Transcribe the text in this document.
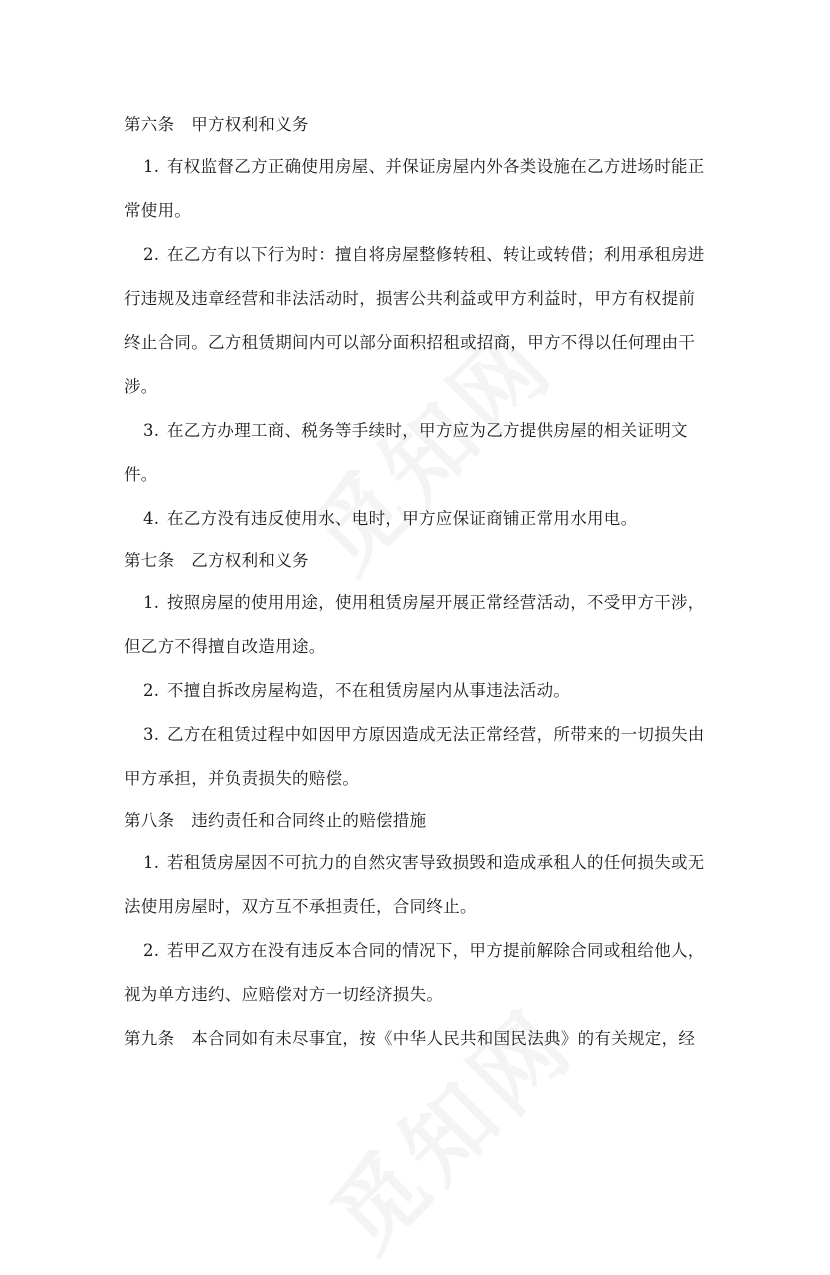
第六条　甲方权利和义务
1. 有权监督乙方正确使用房屋、并保证房屋内外各类设施在乙方进场时能正
常使用。
2. 在乙方有以下行为时：擅自将房屋整修转租、转让或转借；利用承租房进
行违规及违章经营和非法活动时，损害公共利益或甲方利益时，甲方有权提前
终止合同。乙方租赁期间内可以部分面积招租或招商，甲方不得以任何理由干
涉。
3. 在乙方办理工商、税务等手续时，甲方应为乙方提供房屋的相关证明文
件。
4. 在乙方没有违反使用水、电时，甲方应保证商铺正常用水用电。
第七条　乙方权利和义务
1. 按照房屋的使用用途，使用租赁房屋开展正常经营活动，不受甲方干涉，
但乙方不得擅自改造用途。
2. 不擅自拆改房屋构造，不在租赁房屋内从事违法活动。
3. 乙方在租赁过程中如因甲方原因造成无法正常经营，所带来的一切损失由
甲方承担，并负责损失的赔偿。
第八条　违约责任和合同终止的赔偿措施
1. 若租赁房屋因不可抗力的自然灾害导致损毁和造成承租人的任何损失或无
法使用房屋时，双方互不承担责任，合同终止。
2. 若甲乙双方在没有违反本合同的情况下，甲方提前解除合同或租给他人，
视为单方违约、应赔偿对方一切经济损失。
第九条　本合同如有未尽事宜，按《中华人民共和国民法典》的有关规定，经
